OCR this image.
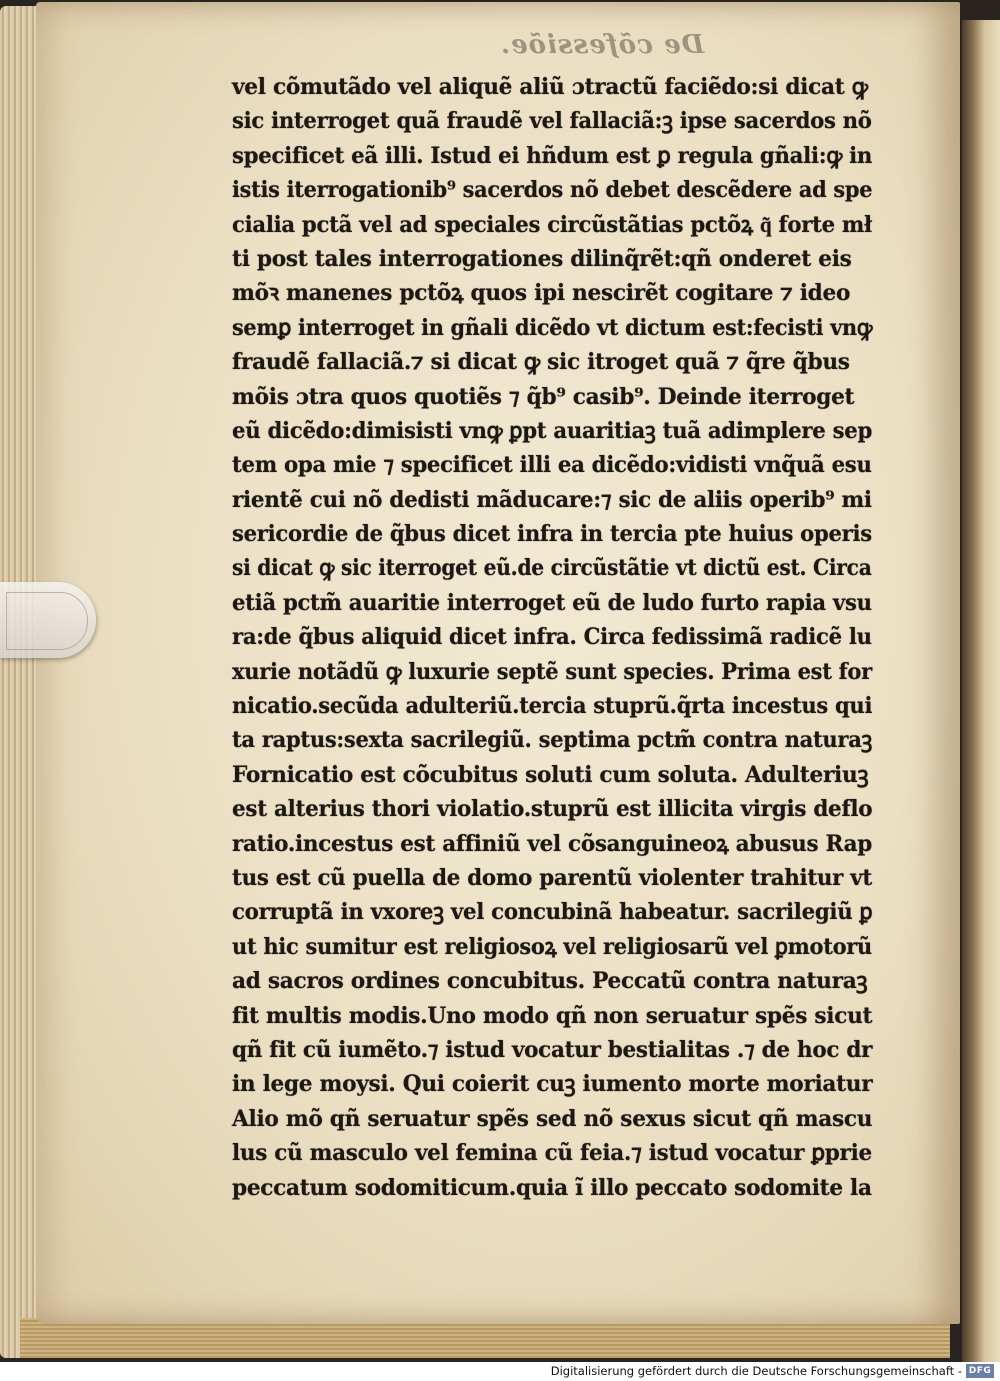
De cõfessiõe.
vel cõmutãdo vel aliquẽ aliũ ɔtractũ faciẽdo:si dicat ꝙ
sic interroget quã fraudẽ vel fallaciã:ꝫ ipse sacerdos nõ
specificet eã illi. Istud ei hñdum est ꝑ regula gñali:ꝙ in
istis iterrogationib⁹ sacerdos nõ debet descẽdere ad spe
cialia pctã vel ad speciales circũstãtias pctõꝝ q͂ forte mł
ti post tales interrogationes dilinq̃rẽt:qñ onderet eis
mõꝛ manenes pctõꝝ quos ipi nescirẽt cogitare ⁊ ideo
semꝑ interroget in gñali dicẽdo vt dictum est:fecisti vnꝙ
fraudẽ fallaciã.⁊ si dicat ꝙ sic itroget quã ⁊ q̃re q̃bus
mõis ɔtra quos quotiẽs ⁊ q̃b⁹ casib⁹. Deinde iterroget
eũ dicẽdo:dimisisti vnꝙ ꝑpt auaritiaꝫ tuã adimplere sep
tem opa mie ⁊ specificet illi ea dicẽdo:vidisti vnq̃uã esu
rientẽ cui nõ dedisti mãducare:⁊ sic de aliis operib⁹ mi
sericordie de q̃bus dicet infra in tercia pte huius operis
si dicat ꝙ sic iterroget eũ.de circũstãtie vt dictũ est. Circa
etiã pctm̃ auaritie interroget eũ de ludo furto rapia vsu
ra:de q̃bus aliquid dicet infra. Circa fedissimã radicẽ lu
xurie notãdũ ꝙ luxurie septẽ sunt species. Prima est for
nicatio.secũda adulteriũ.tercia stuprũ.q̃rta incestus qui
ta raptus:sexta sacrilegiũ. septima pctm̃ contra naturaꝫ
Fornicatio est cõcubitus soluti cum soluta. Adulteriuꝫ
est alterius thori violatio.stuprũ est illicita virgis deflo
ratio.incestus est affiniũ vel cõsanguineoꝝ abusus Rap
tus est cũ puella de domo parentũ violenter trahitur vt
corruptã in vxoreꝫ vel concubinã habeatur. sacrilegiũ ꝑ
ut hic sumitur est religiosoꝝ vel religiosarũ vel ꝑmotorũ
ad sacros ordines concubitus. Peccatũ contra naturaꝫ
fit multis modis.Uno modo qñ non seruatur spẽs sicut
qñ fit cũ iumẽto.⁊ istud vocatur bestialitas .⁊ de hoc dr
in lege moysi. Qui coierit cuꝫ iumento morte moriatur
Alio mõ qñ seruatur spẽs sed nõ sexus sicut qñ mascu
lus cũ masculo vel femina cũ feia.⁊ istud vocatur ꝑprie
peccatum sodomiticum.quia ĩ illo peccato sodomite la
Digitalisierung gefördert durch die Deutsche Forschungsgemeinschaft - DFG
